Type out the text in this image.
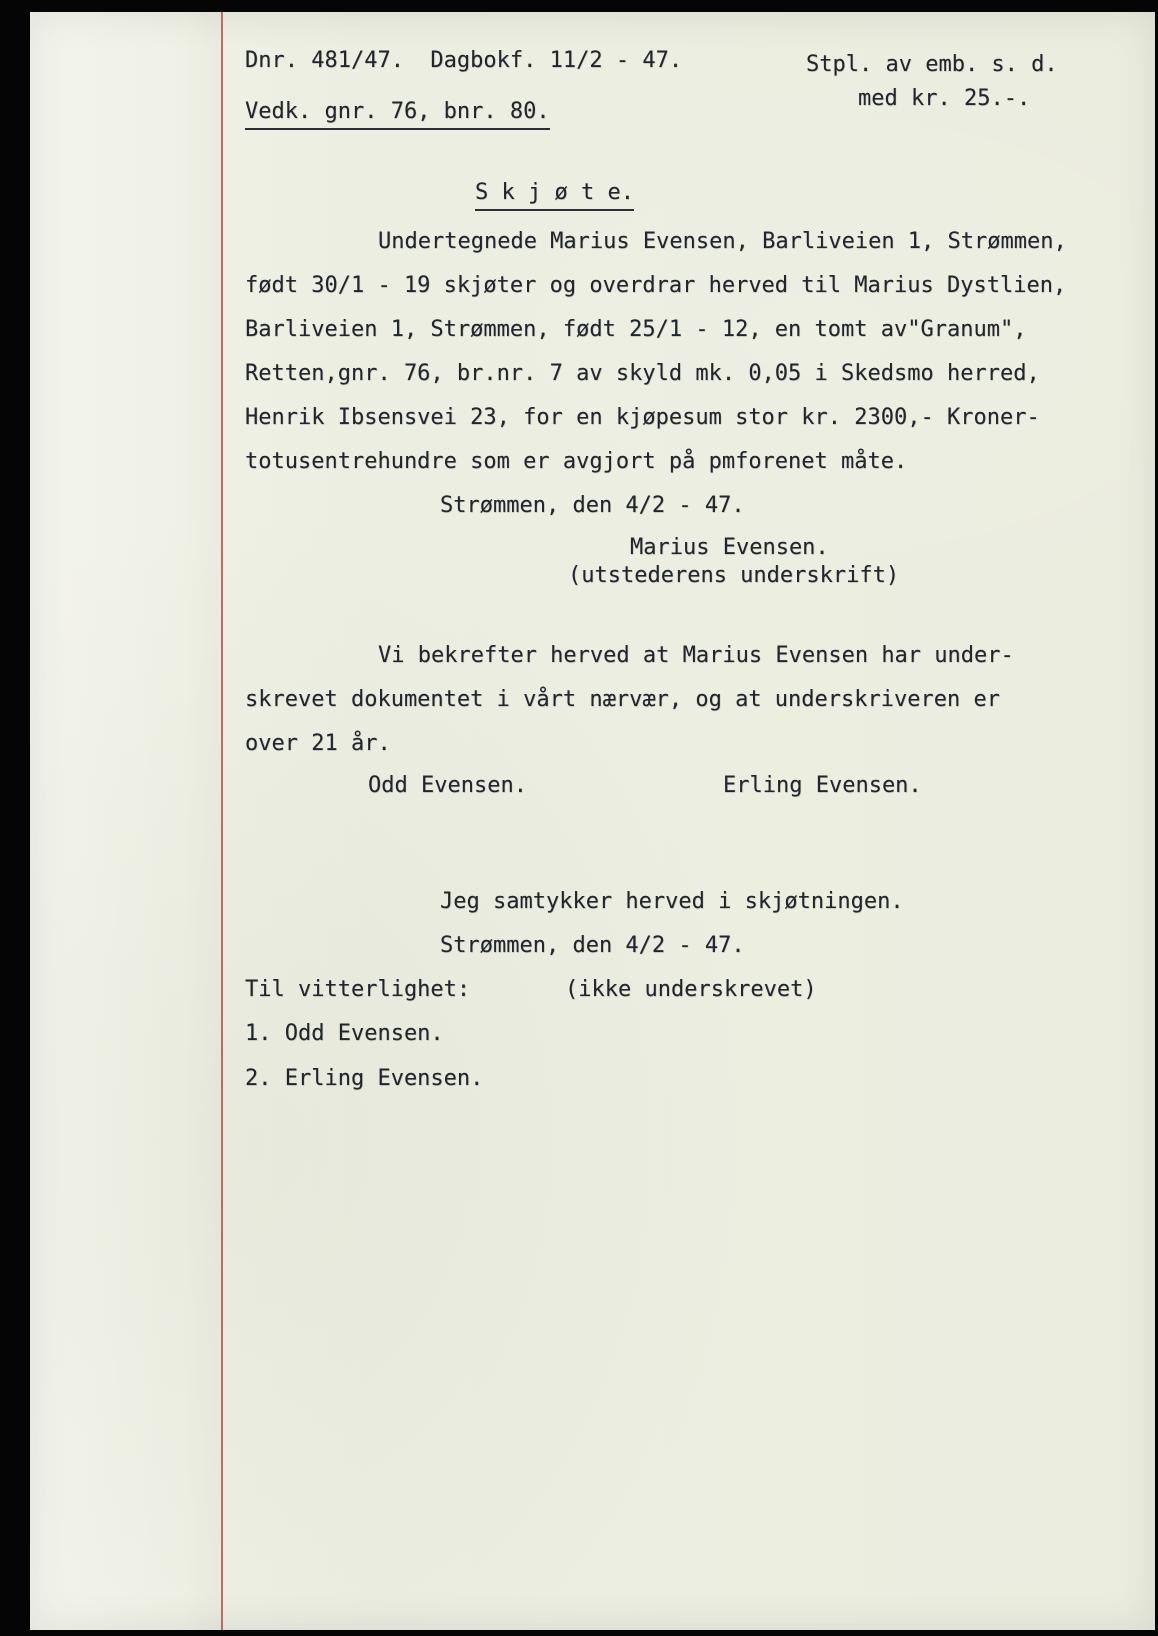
Dnr. 481/47.  Dagbokf. 11/2 - 47.	Stpl. av emb. s. d.
med kr. 25.-.
Vedk. gnr. 76, bnr. 80.
S k j ø t e.
Undertegnede Marius Evensen, Barliveien 1, Strømmen,
født 30/1 - 19 skjøter og overdrar herved til Marius Dystlien,
Barliveien 1, Strømmen, født 25/1 - 12, en tomt av"Granum",
Retten,gnr. 76, br.nr. 7 av skyld mk. 0,05 i Skedsmo herred,
Henrik Ibsensvei 23, for en kjøpesum stor kr. 2300,- Kroner-
totusentrehundre som er avgjort på pmforenet måte.
Strømmen, den 4/2 - 47.
Marius Evensen.
(utstederens underskrift)
Vi bekrefter herved at Marius Evensen har under-
skrevet dokumentet i vårt nærvær, og at underskriveren er
over 21 år.
Odd Evensen.	Erling Evensen.
Jeg samtykker herved i skjøtningen.
Strømmen, den 4/2 - 47.
Til vitterlighet:	(ikke underskrevet)
1. Odd Evensen.
2. Erling Evensen.
